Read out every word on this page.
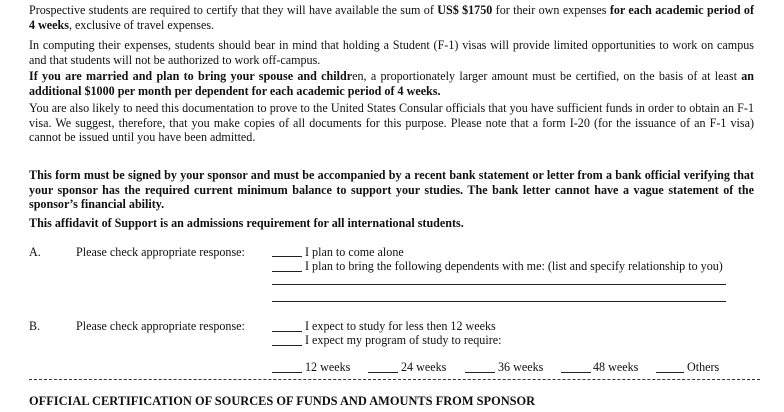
Prospective students are required to certify that they will have available the sum of US$ $1750 for their own expenses for each academic period of 4 weeks, exclusive of travel expenses.
In computing their expenses, students should bear in mind that holding a Student (F-1) visas will provide limited opportunities to work on campus and that students will not be authorized to work off-campus.
If you are married and plan to bring your spouse and children, a proportionately larger amount must be certified, on the basis of at least an additional $1000 per month per dependent for each academic period of 4 weeks.
You are also likely to need this documentation to prove to the United States Consular officials that you have sufficient funds in order to obtain an F-1 visa. We suggest, therefore, that you make copies of all documents for this purpose. Please note that a form I-20 (for the issuance of an F-1 visa) cannot be issued until you have been admitted.
This form must be signed by your sponsor and must be accompanied by a recent bank statement or letter from a bank official verifying that your sponsor has the required current minimum balance to support your studies. The bank letter cannot have a vague statement of the sponsor’s financial ability.
This affidavit of Support is an admissions requirement for all international students.
A.	Please check appropriate response:	I plan to come alone
I plan to bring the following dependents with me: (list and specify relationship to you)
B.	Please check appropriate response:	I expect to study for less then 12 weeks
I expect my program of study to require:
12 weeks	24 weeks	36 weeks	48 weeks	Others
OFFICIAL CERTIFICATION OF SOURCES OF FUNDS AND AMOUNTS FROM SPONSOR
